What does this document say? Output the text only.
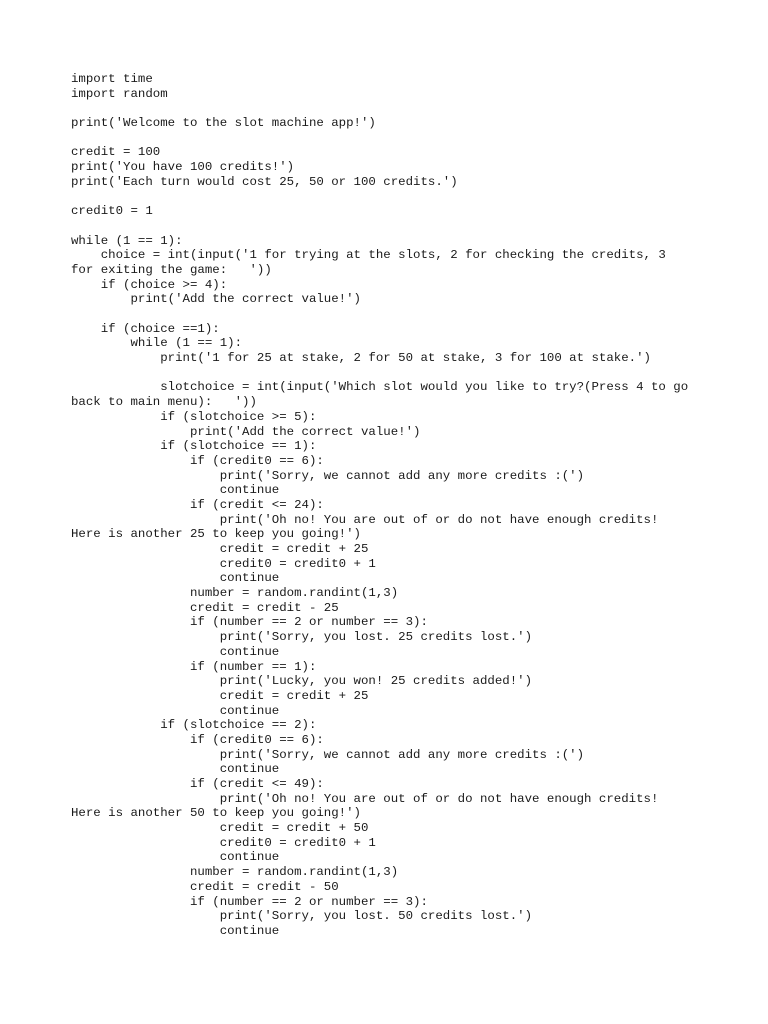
import time
import random
print('Welcome to the slot machine app!')
credit = 100
print('You have 100 credits!')
print('Each turn would cost 25, 50 or 100 credits.')
credit0 = 1
while (1 == 1):
choice = int(input('1 for trying at the slots, 2 for checking the credits, 3
for exiting the game:   '))
if (choice >= 4):
print('Add the correct value!')
if (choice ==1):
while (1 == 1):
print('1 for 25 at stake, 2 for 50 at stake, 3 for 100 at stake.')
slotchoice = int(input('Which slot would you like to try?(Press 4 to go
back to main menu):   '))
if (slotchoice >= 5):
print('Add the correct value!')
if (slotchoice == 1):
if (credit0 == 6):
print('Sorry, we cannot add any more credits :(')
continue
if (credit <= 24):
print('Oh no! You are out of or do not have enough credits!
Here is another 25 to keep you going!')
credit = credit + 25
credit0 = credit0 + 1
continue
number = random.randint(1,3)
credit = credit - 25
if (number == 2 or number == 3):
print('Sorry, you lost. 25 credits lost.')
continue
if (number == 1):
print('Lucky, you won! 25 credits added!')
credit = credit + 25
continue
if (slotchoice == 2):
if (credit0 == 6):
print('Sorry, we cannot add any more credits :(')
continue
if (credit <= 49):
print('Oh no! You are out of or do not have enough credits!
Here is another 50 to keep you going!')
credit = credit + 50
credit0 = credit0 + 1
continue
number = random.randint(1,3)
credit = credit - 50
if (number == 2 or number == 3):
print('Sorry, you lost. 50 credits lost.')
continue
